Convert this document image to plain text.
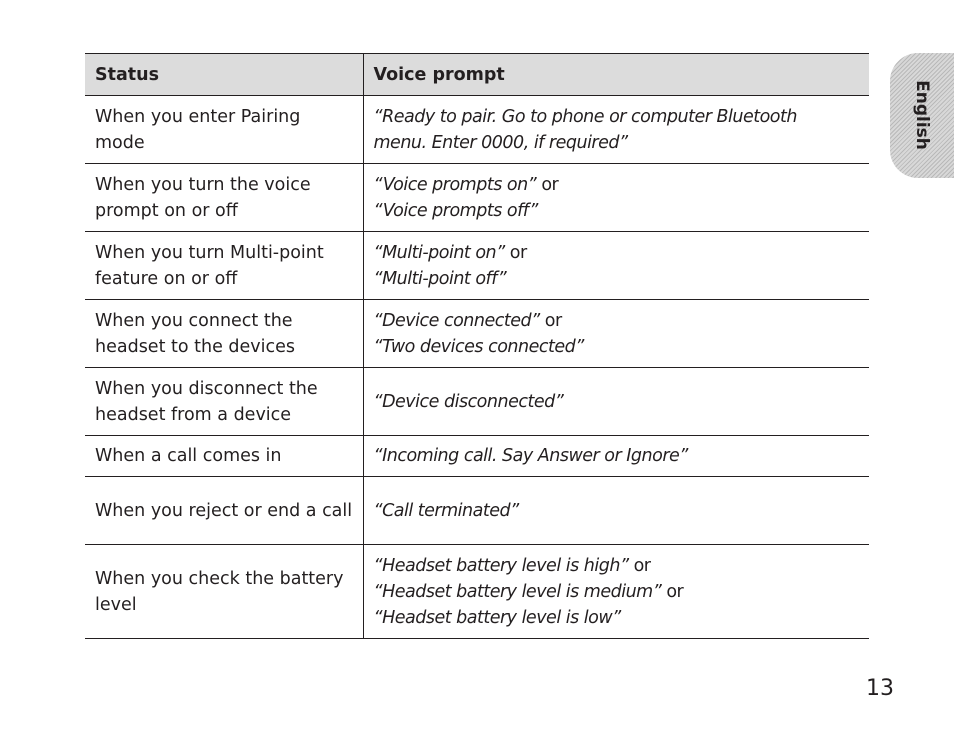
Status	Voice prompt
When you enter Pairing mode	“Ready to pair. Go to phone or computer Bluetooth
menu. Enter 0000, if required”

When you turn the voice prompt on or off	“Voice prompts on” or
“Voice prompts off”

When you turn Multi-point feature on or off	“Multi-point on” or
“Multi-point off”

When you connect the headset to the devices	“Device connected” or
“Two devices connected”

When you disconnect the headset from a device	“Device disconnected”

When a call comes in	“Incoming call. Say Answer or Ignore”

When you reject or end a call	“Call terminated”

When you check the battery level	“Headset battery level is high” or
“Headset battery level is medium” or
“Headset battery level is low”
English
13
